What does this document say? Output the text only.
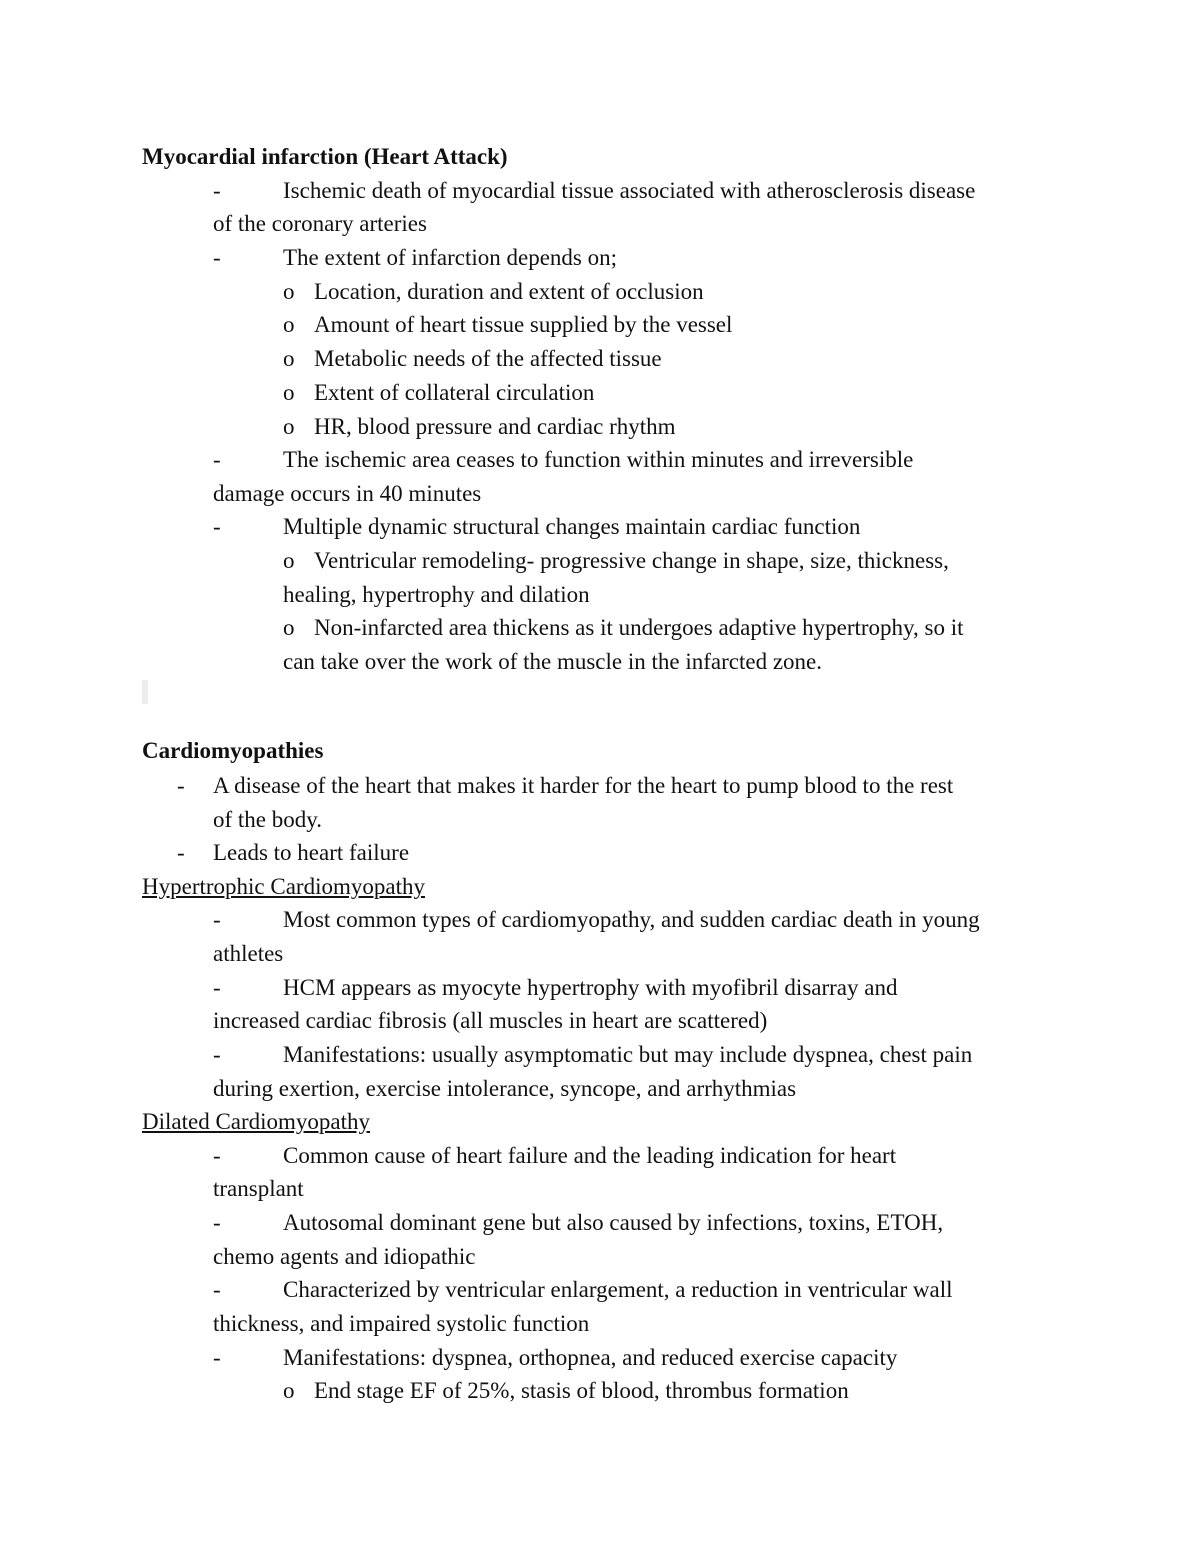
Myocardial infarction (Heart Attack)
-	Ischemic death of myocardial tissue associated with atherosclerosis disease
of the coronary arteries
-	The extent of infarction depends on;
o Location, duration and extent of occlusion
o Amount of heart tissue supplied by the vessel
o Metabolic needs of the affected tissue
o Extent of collateral circulation
o HR, blood pressure and cardiac rhythm
-	The ischemic area ceases to function within minutes and irreversible
damage occurs in 40 minutes
-	Multiple dynamic structural changes maintain cardiac function
o Ventricular remodeling- progressive change in shape, size, thickness,
healing, hypertrophy and dilation
o Non-infarcted area thickens as it undergoes adaptive hypertrophy, so it
can take over the work of the muscle in the infarcted zone.
Cardiomyopathies
- A disease of the heart that makes it harder for the heart to pump blood to the rest
of the body.
- Leads to heart failure
Hypertrophic Cardiomyopathy
-	Most common types of cardiomyopathy, and sudden cardiac death in young
athletes
-	HCM appears as myocyte hypertrophy with myofibril disarray and
increased cardiac fibrosis (all muscles in heart are scattered)
-	Manifestations: usually asymptomatic but may include dyspnea, chest pain
during exertion, exercise intolerance, syncope, and arrhythmias
Dilated Cardiomyopathy
-	Common cause of heart failure and the leading indication for heart
transplant
-	Autosomal dominant gene but also caused by infections, toxins, ETOH,
chemo agents and idiopathic
-	Characterized by ventricular enlargement, a reduction in ventricular wall
thickness, and impaired systolic function
-	Manifestations: dyspnea, orthopnea, and reduced exercise capacity
o End stage EF of 25%, stasis of blood, thrombus formation
